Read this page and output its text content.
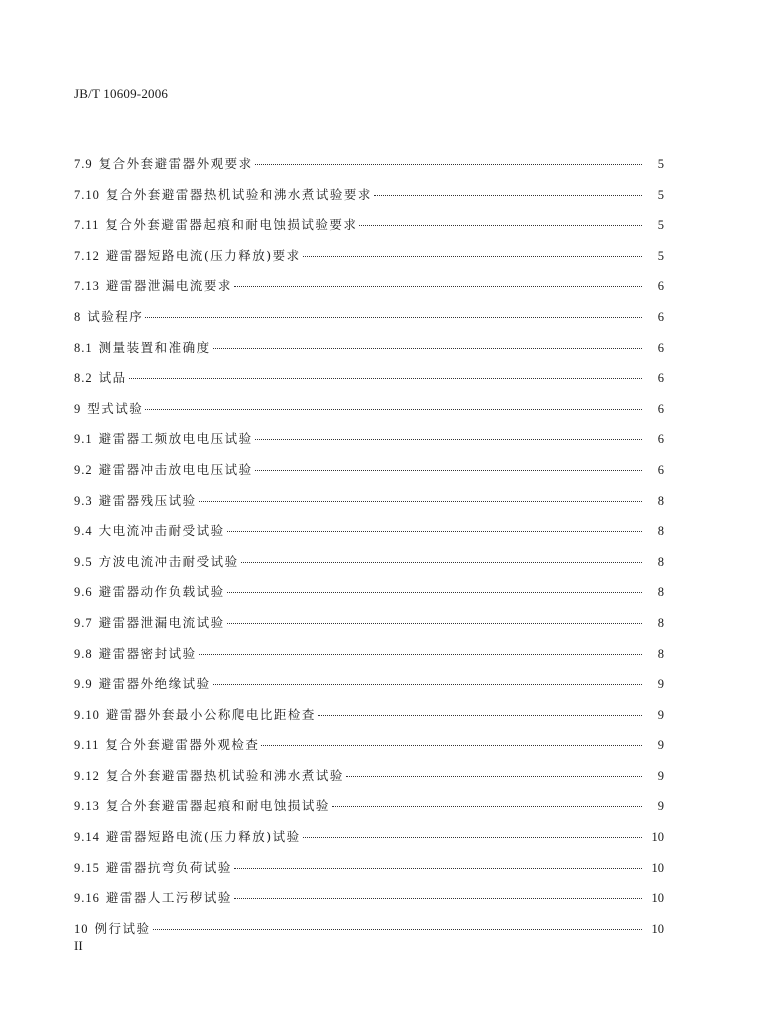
JB/T 10609-2006
7.9 复合外套避雷器外观要求	5
7.10 复合外套避雷器热机试验和沸水煮试验要求	5
7.11 复合外套避雷器起痕和耐电蚀损试验要求	5
7.12 避雷器短路电流(压力释放)要求	5
7.13 避雷器泄漏电流要求	6
8 试验程序	6
8.1 测量装置和准确度	6
8.2 试品	6
9 型式试验	6
9.1 避雷器工频放电电压试验	6
9.2 避雷器冲击放电电压试验	6
9.3 避雷器残压试验	8
9.4 大电流冲击耐受试验	8
9.5 方波电流冲击耐受试验	8
9.6 避雷器动作负载试验	8
9.7 避雷器泄漏电流试验	8
9.8 避雷器密封试验	8
9.9 避雷器外绝缘试验	9
9.10 避雷器外套最小公称爬电比距检查	9
9.11 复合外套避雷器外观检查	9
9.12 复合外套避雷器热机试验和沸水煮试验	9
9.13 复合外套避雷器起痕和耐电蚀损试验	9
9.14 避雷器短路电流(压力释放)试验	10
9.15 避雷器抗弯负荷试验	10
9.16 避雷器人工污秽试验	10
10 例行试验	10
II
